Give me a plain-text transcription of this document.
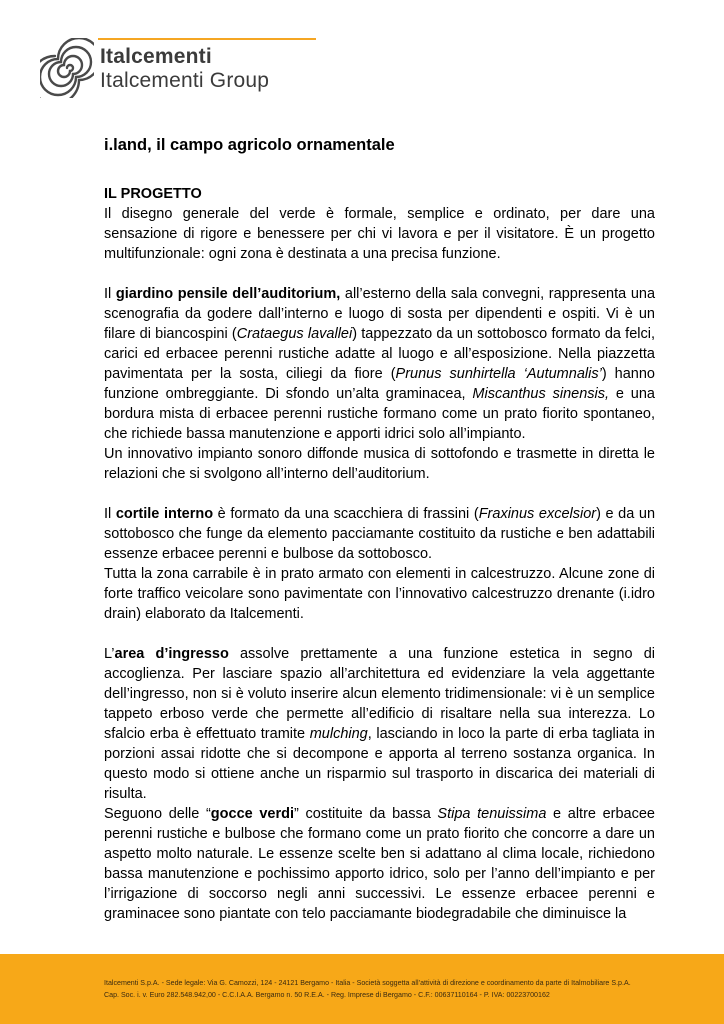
Italcementi
Italcementi Group
i.land, il campo agricolo ornamentale
IL PROGETTO

Il disegno generale del verde è formale, semplice e ordinato, per dare una sensazione di rigore e benessere per chi vi lavora e per il visitatore. È un progetto multifunzionale: ogni zona è destinata a una precisa funzione.

Il giardino pensile dell’auditorium, all’esterno della sala convegni, rappresenta una scenografia da godere dall’interno e luogo di sosta per dipendenti e ospiti. Vi è un filare di biancospini (Crataegus lavallei) tappezzato da un sottobosco formato da felci, carici ed erbacee perenni rustiche adatte al luogo e all’esposizione. Nella piazzetta pavimentata per la sosta, ciliegi da fiore (Prunus sunhirtella ‘Autumnalis’) hanno funzione ombreggiante. Di sfondo un’alta graminacea, Miscanthus sinensis, e una bordura mista di erbacee perenni rustiche formano come un prato fiorito spontaneo, che richiede bassa manutenzione e apporti idrici solo all’impianto.

Un innovativo impianto sonoro diffonde musica di sottofondo e trasmette in diretta le relazioni che si svolgono all’interno dell’auditorium.

Il cortile interno è formato da una scacchiera di frassini (Fraxinus excelsior) e da un sottobosco che funge da elemento pacciamante costituito da rustiche e ben adattabili essenze erbacee perenni e bulbose da sottobosco.

Tutta la zona carrabile è in prato armato con elementi in calcestruzzo. Alcune zone di forte traffico veicolare sono pavimentate con l’innovativo calcestruzzo drenante (i.idro drain) elaborato da Italcementi.

L’area d’ingresso assolve prettamente a una funzione estetica in segno di accoglienza. Per lasciare spazio all’architettura ed evidenziare la vela aggettante dell’ingresso, non si è voluto inserire alcun elemento tridimensionale: vi è un semplice tappeto erboso verde che permette all’edificio di risaltare nella sua interezza. Lo sfalcio erba è effettuato tramite mulching, lasciando in loco la parte di erba tagliata in porzioni assai ridotte che si decompone e apporta al terreno sostanza organica. In questo modo si ottiene anche un risparmio sul trasporto in discarica dei materiali di risulta.

Seguono delle “gocce verdi” costituite da bassa Stipa tenuissima e altre erbacee perenni rustiche e bulbose che formano come un prato fiorito che concorre a dare un aspetto molto naturale. Le essenze scelte ben si adattano al clima locale, richiedono bassa manutenzione e pochissimo apporto idrico, solo per l’anno dell’impianto e per l’irrigazione di soccorso negli anni successivi. Le essenze erbacee perenni e graminacee sono piantate con telo pacciamante biodegradabile che diminuisce la

Italcementi S.p.A. - Sede legale: Via G. Camozzi, 124 - 24121 Bergamo - Italia - Società soggetta all’attività di direzione e coordinamento da parte di Italmobiliare S.p.A.
Cap. Soc. i. v. Euro 282.548.942,00 - C.C.I.A.A. Bergamo n. 50 R.E.A. - Reg. Imprese di Bergamo - C.F.: 00637110164 - P. IVA: 00223700162
